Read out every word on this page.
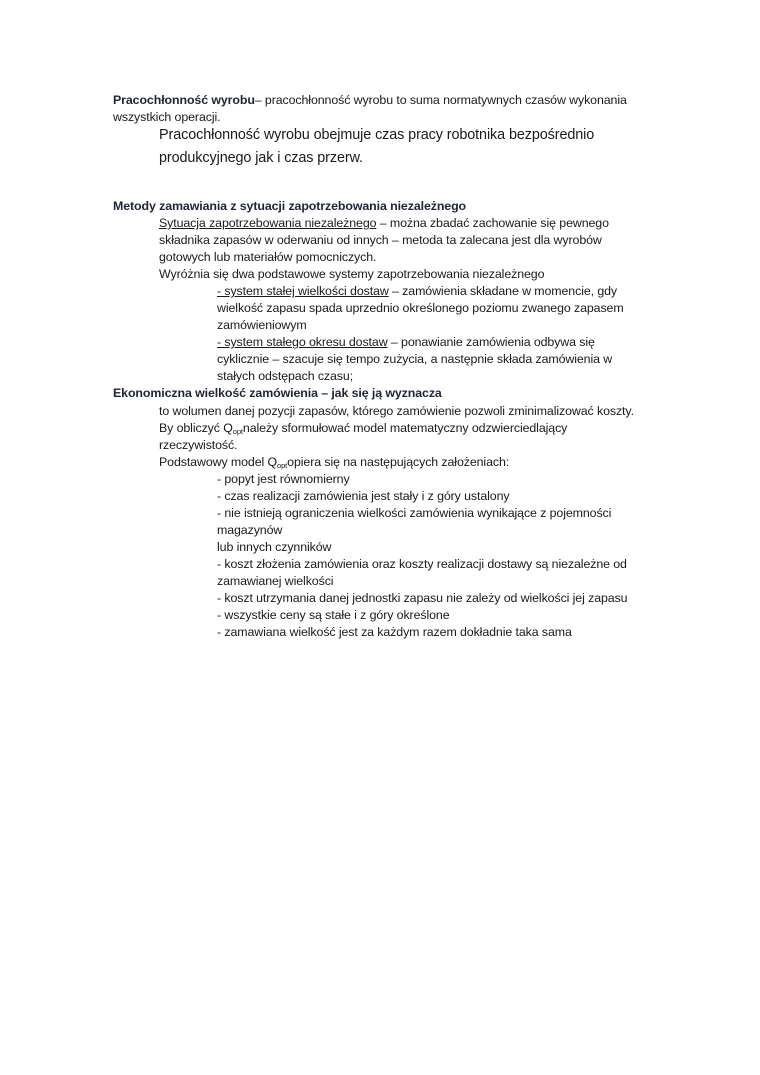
Pracochłonność wyrobu– pracochłonność wyrobu to suma normatywnych czasów wykonania
wszystkich operacji.
Pracochłonność wyrobu obejmuje czas pracy robotnika bezpośrednio
produkcyjnego jak i czas przerw.
Metody zamawiania z sytuacji zapotrzebowania niezależnego
Sytuacja zapotrzebowania niezależnego – można zbadać zachowanie się pewnego
składnika zapasów w oderwaniu od innych – metoda ta zalecana jest dla wyrobów
gotowych lub materiałów pomocniczych.
Wyróżnia się dwa podstawowe systemy zapotrzebowania niezależnego
- system stałej wielkości dostaw – zamówienia składane w momencie, gdy
wielkość zapasu spada uprzednio określonego poziomu zwanego zapasem
zamówieniowym
- system stałego okresu dostaw – ponawianie zamówienia odbywa się
cyklicznie – szacuje się tempo zużycia, a następnie składa zamówienia w
stałych odstępach czasu;
Ekonomiczna wielkość zamówienia – jak się ją wyznacza
to wolumen danej pozycji zapasów, którego zamówienie pozwoli zminimalizować koszty.
By obliczyć $Q_{opt}należy$ sformułować model matematyczny odzwierciedlający
rzeczywistość.
Podstawowy model $Q_{opt}opiera$ się na następujących założeniach:
- popyt jest równomierny
- czas realizacji zamówienia jest stały i z góry ustalony
- nie istnieją ograniczenia wielkości zamówienia wynikające z pojemności
magazynów
lub innych czynników
- koszt złożenia zamówienia oraz koszty realizacji dostawy są niezależne od
zamawianej wielkości
- koszt utrzymania danej jednostki zapasu nie zależy od wielkości jej zapasu
- wszystkie ceny są stałe i z góry określone
- zamawiana wielkość jest za każdym razem dokładnie taka sama
